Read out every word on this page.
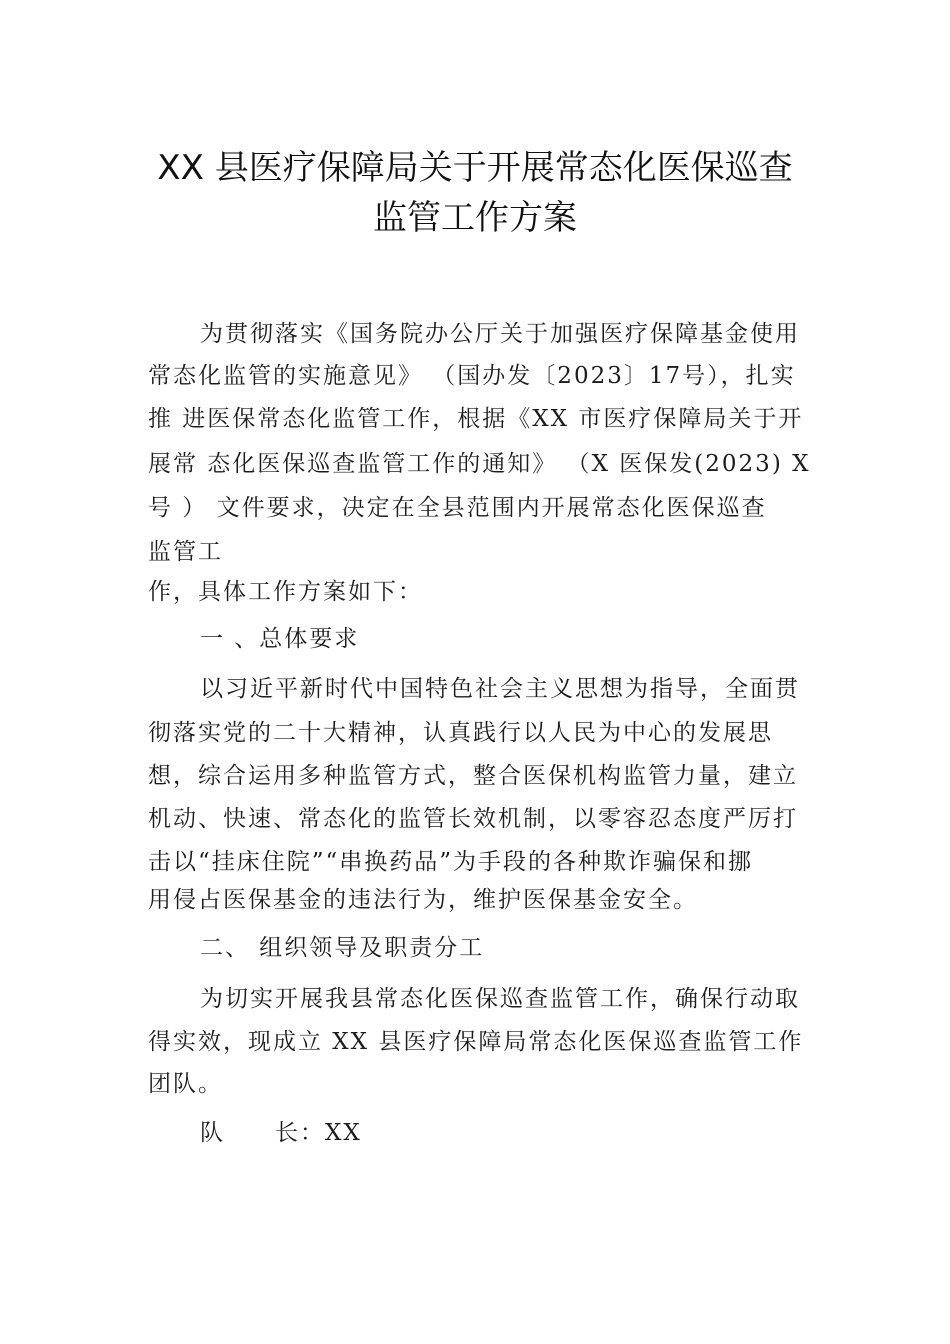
XX 县医疗保障局关于开展常态化医保巡查
监管工作方案
为贯彻落实《国务院办公厅关于加强医疗保障基金使用
常态化监管的实施意见》 （国办发〔2023〕17号），扎实
推 进医保常态化监管工作，根据《XX 市医疗保障局关于开
展常 态化医保巡查监管工作的通知》 （X 医保发(2023) X
号 ） 文件要求，决定在全县范围内开展常态化医保巡查
监管工
作，具体工作方案如下：
一 、总体要求
以习近平新时代中国特色社会主义思想为指导，全面贯
彻落实党的二十大精神，认真践行以人民为中心的发展思
想，综合运用多种监管方式，整合医保机构监管力量，建立
机动、快速、常态化的监管长效机制，以零容忍态度严厉打
击以“挂床住院”“串换药品”为手段的各种欺诈骗保和挪
用侵占医保基金的违法行为，维护医保基金安全。
二、 组织领导及职责分工
为切实开展我县常态化医保巡查监管工作，确保行动取
得实效，现成立 XX 县医疗保障局常态化医保巡查监管工作
团队。
队 长：XX
